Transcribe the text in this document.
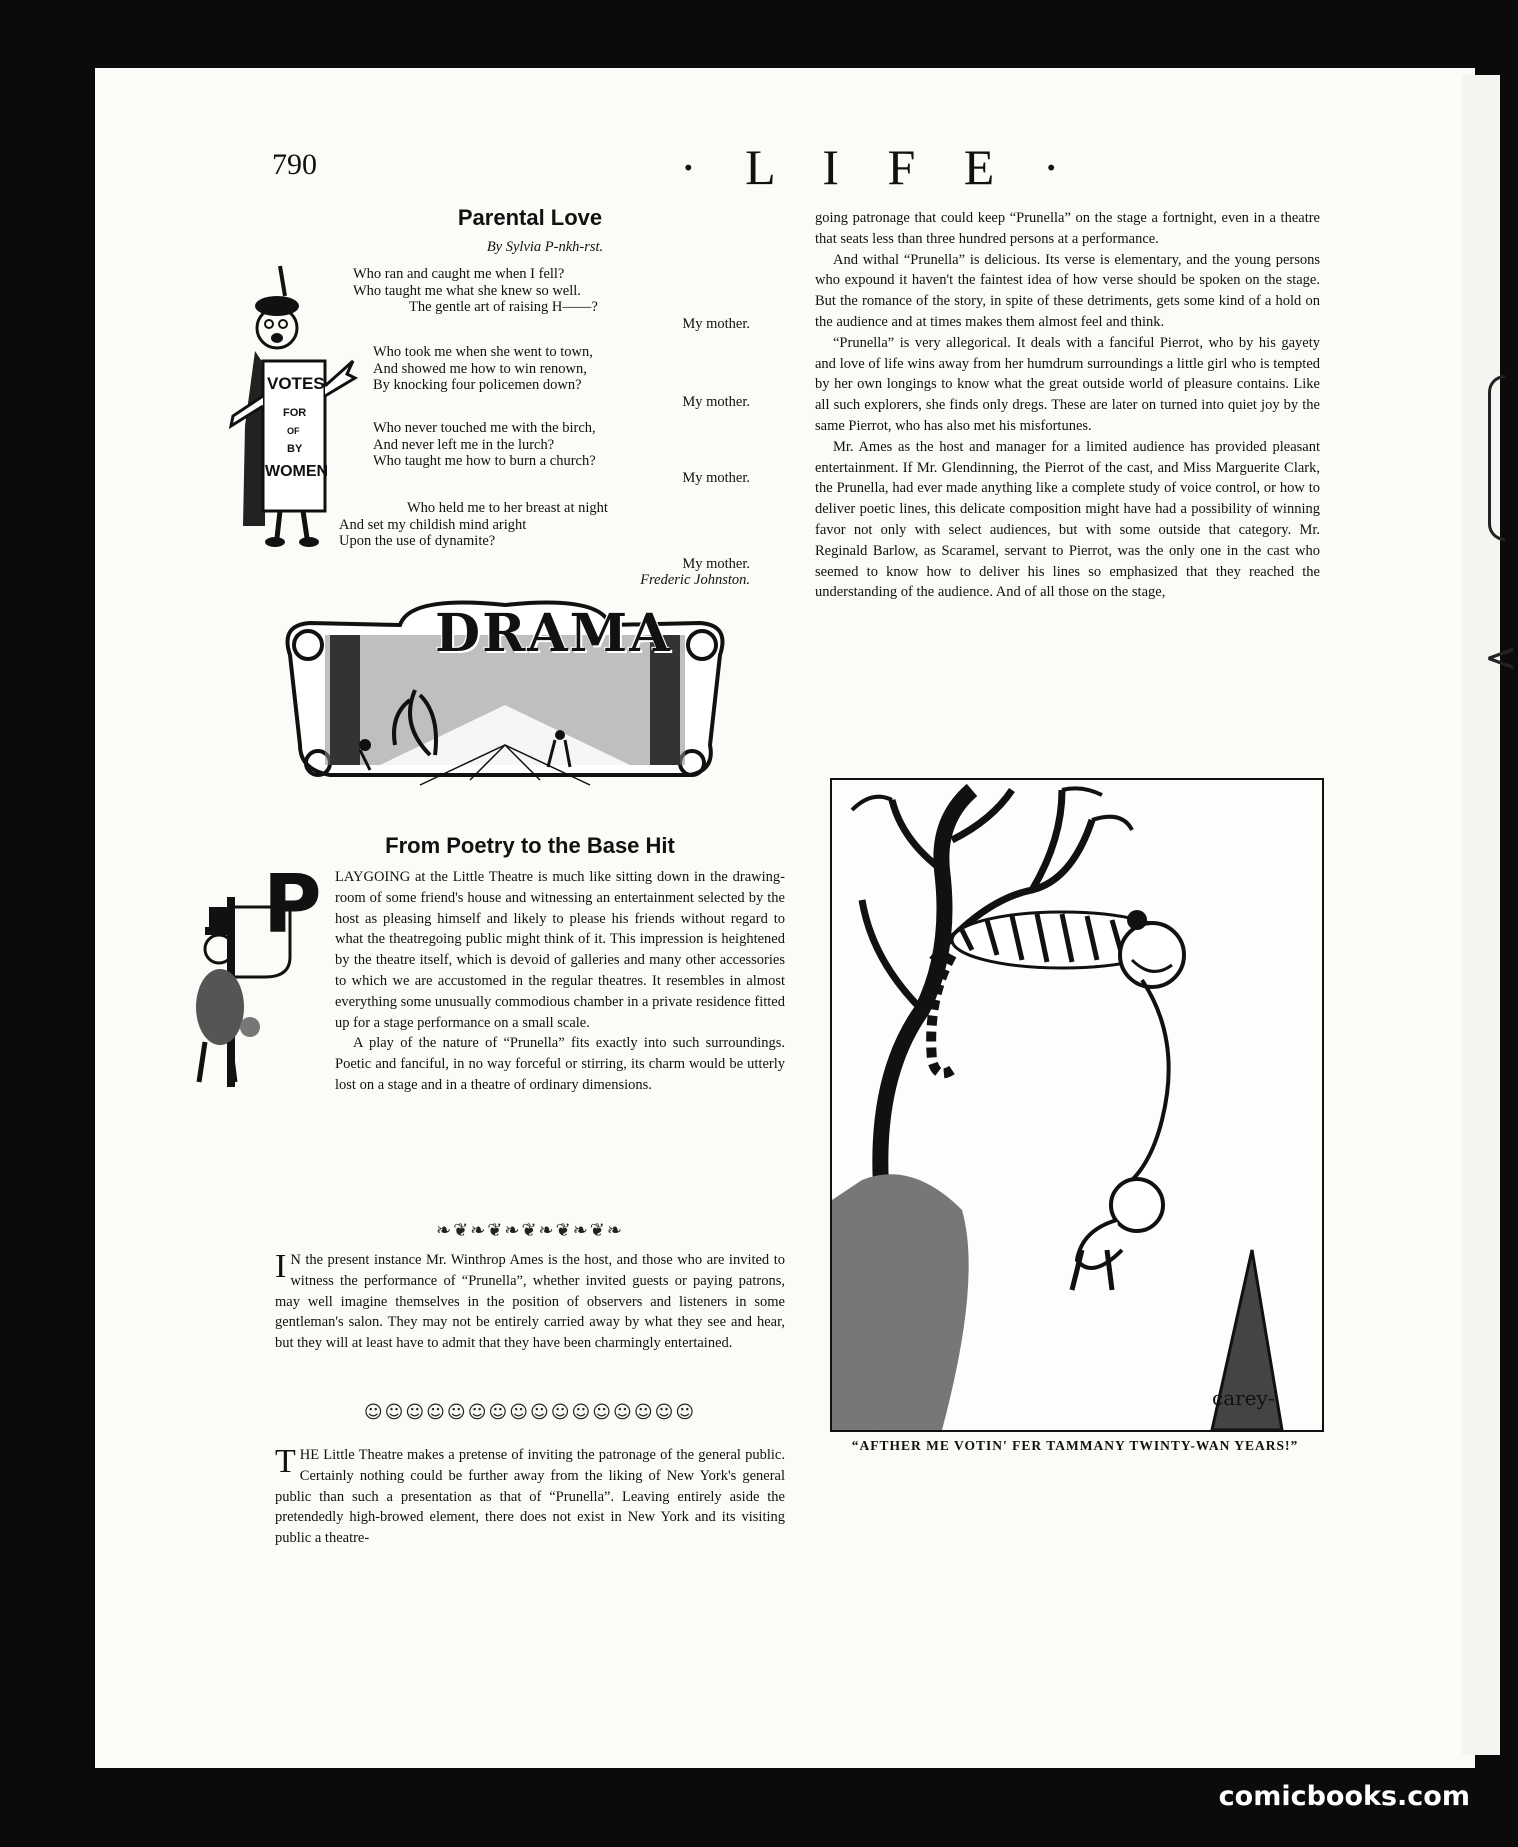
<
790	· L I F E ·
Parental Love
By Sylvia P-nkh-rst.
VOTES
FOR
OF
BY
WOMEN
Who ran and caught me when I fell?
Who taught me what she knew so well.
The gentle art of raising H——?
My mother.
Who took me when she went to town,
And showed me how to win renown,
By knocking four policemen down?
My mother.
Who never touched me with the birch,
And never left me in the lurch?
Who taught me how to burn a church?
My mother.
Who held me to her breast at night
And set my childish mind aright
Upon the use of dynamite?
My mother.
Frederic Johnston.
DRAMA
From Poetry to the Base Hit
P LAYGOING at the Little Theatre is much like sitting down in the drawing-room of some friend's house and witnessing an entertainment selected by the host as pleasing himself and likely to please his friends without regard to what the theatregoing public might think of it. This impression is heightened by the theatre itself, which is devoid of galleries and many other accessories to which we are accustomed in the regular theatres. It resembles in almost everything some unusually commodious chamber in a private residence fitted up for a stage performance on a small scale.

A play of the nature of “Prunella” fits exactly into such surroundings. Poetic and fanciful, in no way forceful or stirring, its charm would be utterly lost on a stage and in a theatre of ordinary dimensions.

❧❦❧❦❧❦❧❦❧❦❧
I N the present instance Mr. Winthrop Ames is the host, and those who are invited to witness the performance of “Prunella”, whether invited guests or paying patrons, may well imagine themselves in the position of observers and listeners in some gentleman's salon. They may not be entirely carried away by what they see and hear, but they will at least have to admit that they have been charmingly entertained.
☺☺☺☺☺☺☺☺☺☺☺☺☺☺☺☺
T HE Little Theatre makes a pretense of inviting the patronage of the general public. Certainly nothing could be further away from the liking of New York's general public than such a presentation as that of “Prunella”. Leaving entirely aside the pretendedly high-browed element, there does not exist in New York and its visiting public a theatre-

going patronage that could keep “Prunella” on the stage a fortnight, even in a theatre that seats less than three hundred persons at a performance.

And withal “Prunella” is delicious. Its verse is elementary, and the young persons who expound it haven't the faintest idea of how verse should be spoken on the stage. But the romance of the story, in spite of these detriments, gets some kind of a hold on the audience and at times makes them almost feel and think.

“Prunella” is very allegorical. It deals with a fanciful Pierrot, who by his gayety and love of life wins away from her humdrum surroundings a little girl who is tempted by her own longings to know what the great outside world of pleasure contains. Like all such explorers, she finds only dregs. These are later on turned into quiet joy by the same Pierrot, who has also met his misfortunes.

Mr. Ames as the host and manager for a limited audience has provided pleasant entertainment. If Mr. Glendinning, the Pierrot of the cast, and Miss Marguerite Clark, the Prunella, had ever made anything like a complete study of voice control, or how to deliver poetic lines, this delicate composition might have had a possibility of winning favor not only with select audiences, but with some outside that category. Mr. Reginald Barlow, as Scaramel, servant to Pierrot, was the only one in the cast who seemed to know how to deliver his lines so emphasized that they reached the understanding of the audience. And of all those on the stage,

carey-
“AFTHER ME VOTIN' FER TAMMANY TWINTY-WAN YEARS!”
comicbooks.com
